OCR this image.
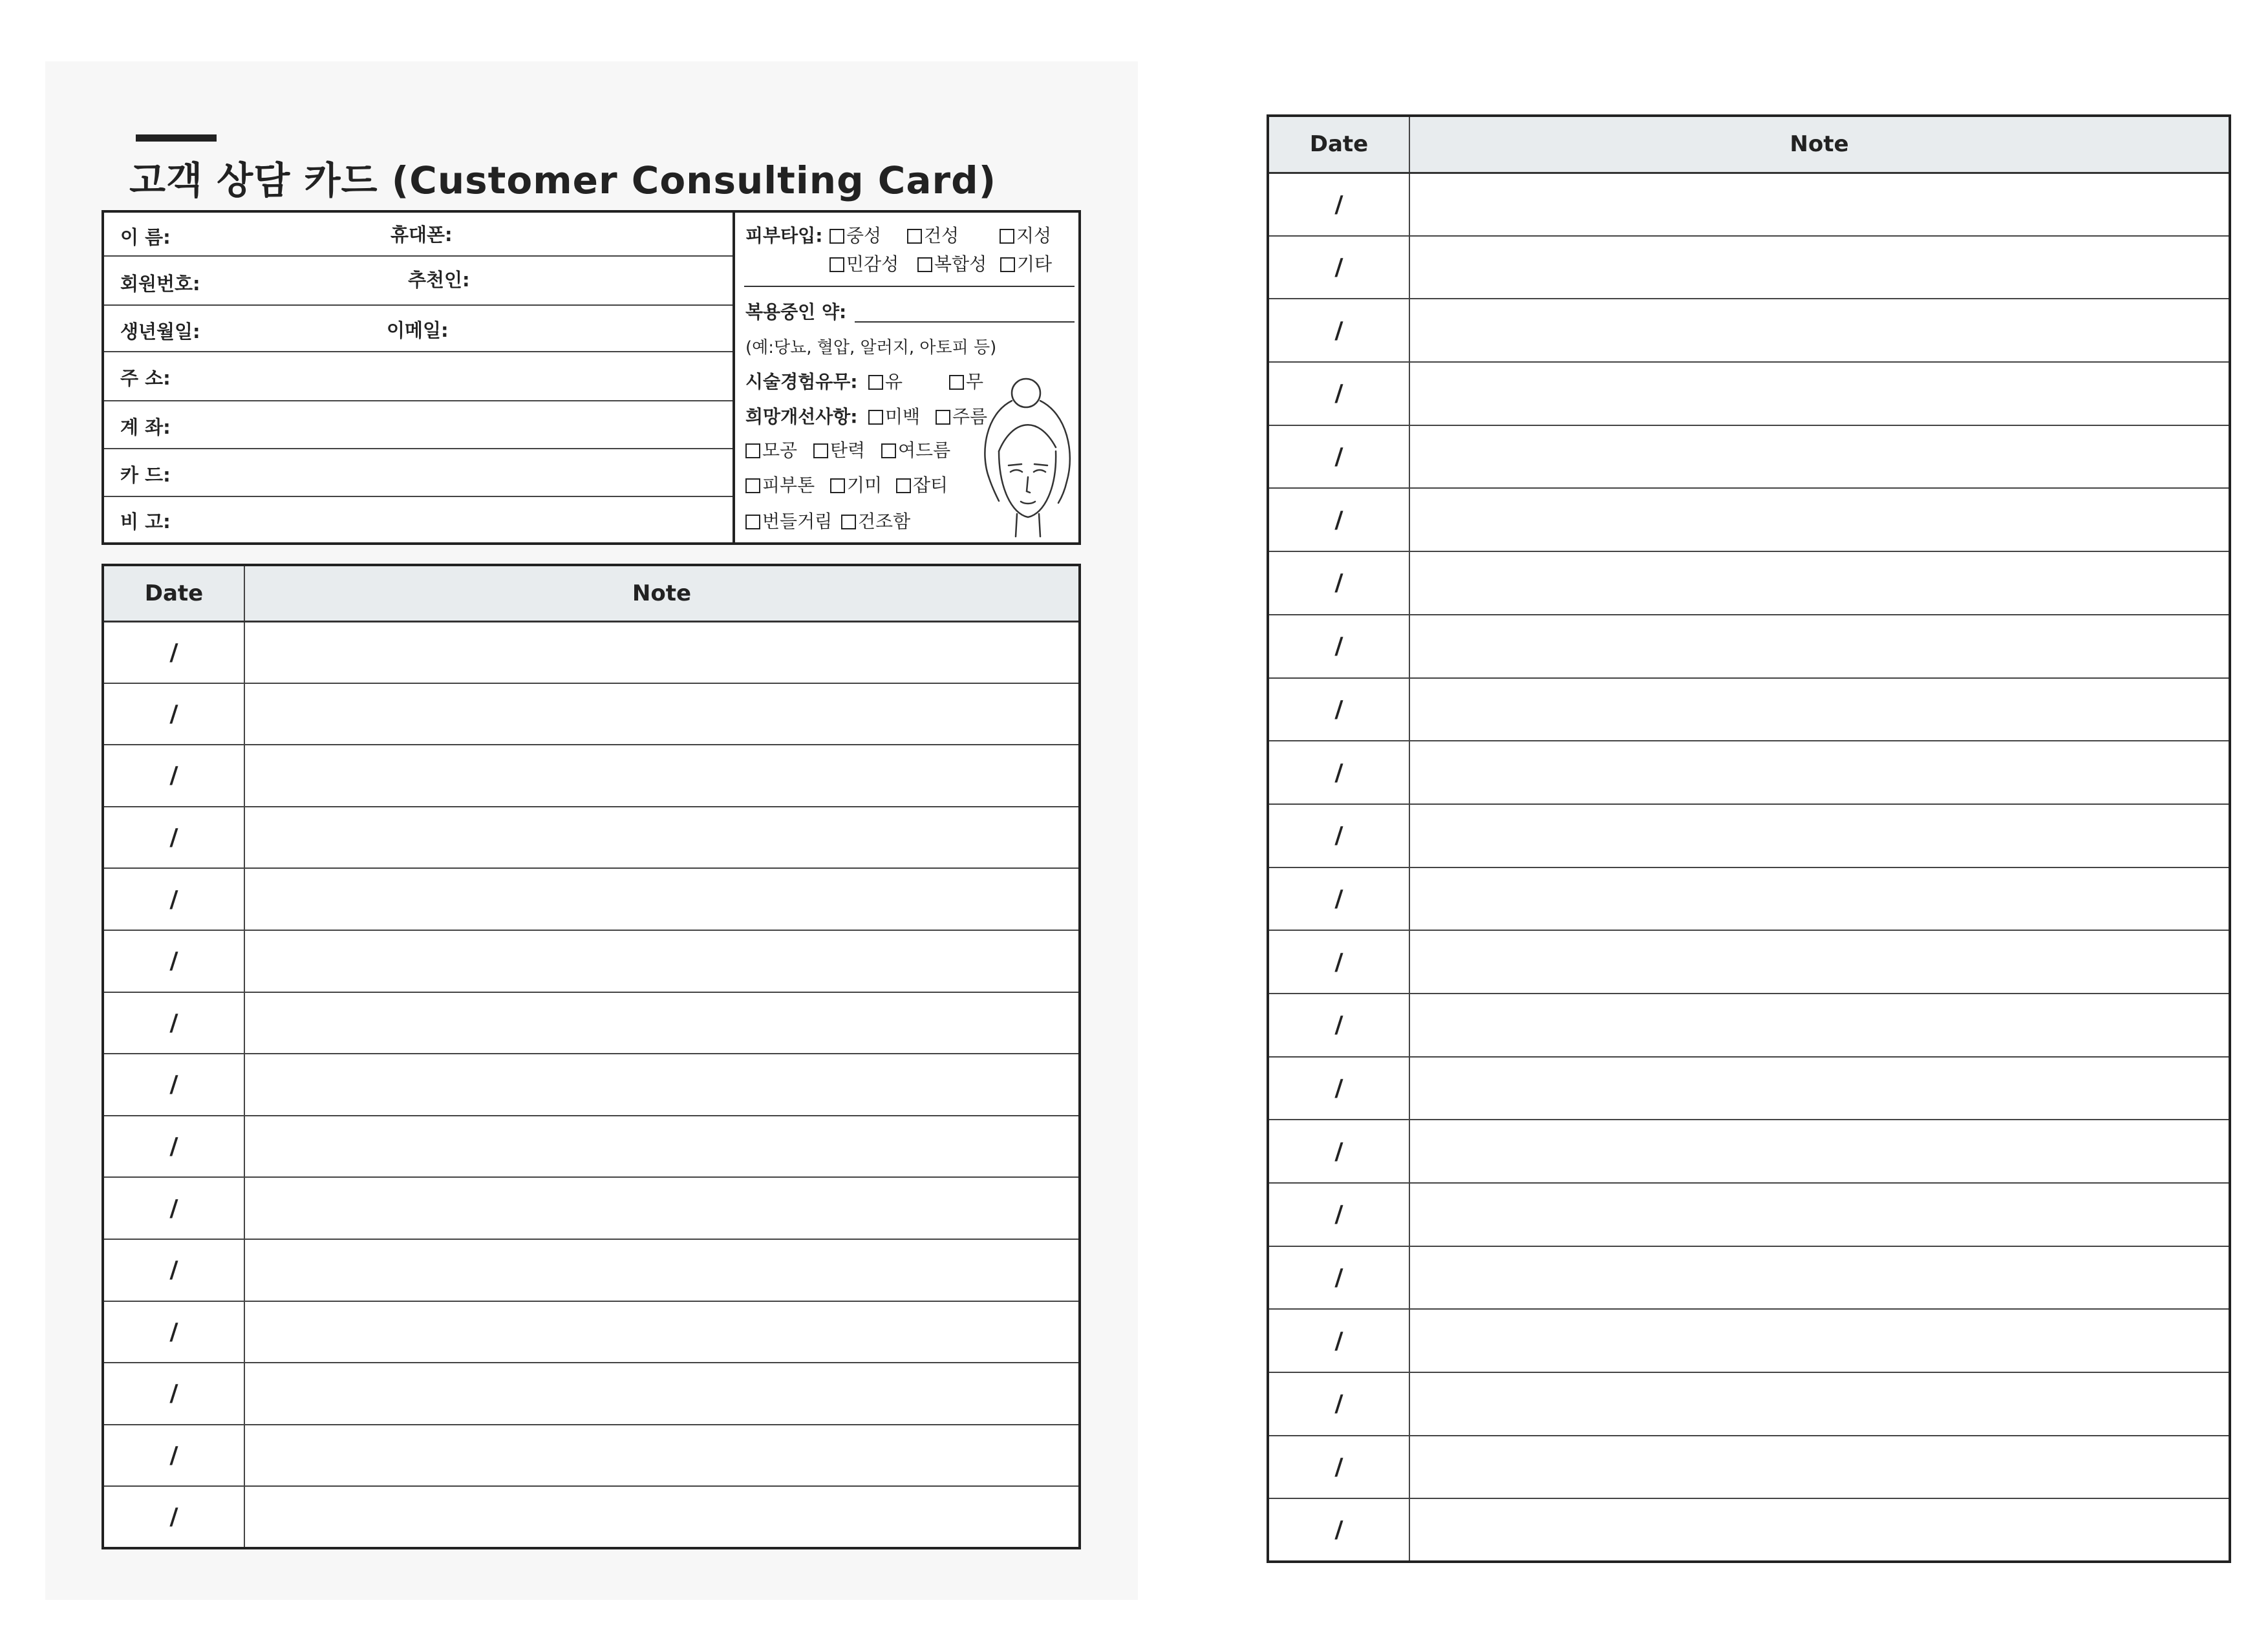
고객 상담 카드 (Customer Consulting Card)
이 름:	휴대폰:
회원번호:	추천인:
생년월일:	이메일:
주 소:
계 좌:
카 드:
비 고:
피부타입:	중성	건성	지성
민감성	복합성	기타
복용중인 약:
(예:당뇨, 혈압, 알러지, 아토피 등)
시술경험유무:	유	무
희망개선사항:	미백	주름
모공	탄력	여드름
피부톤	기미	잡티
번들거림	건조함
Date	Note
/	
/	
/	
/	
/	
/	
/	
/	
/	
/	
/	
/	
/	
/	
/	
Date	Note
/	
/	
/	
/	
/	
/	
/	
/	
/	
/	
/	
/	
/	
/	
/	
/	
/	
/	
/	
/	
/	
/	
